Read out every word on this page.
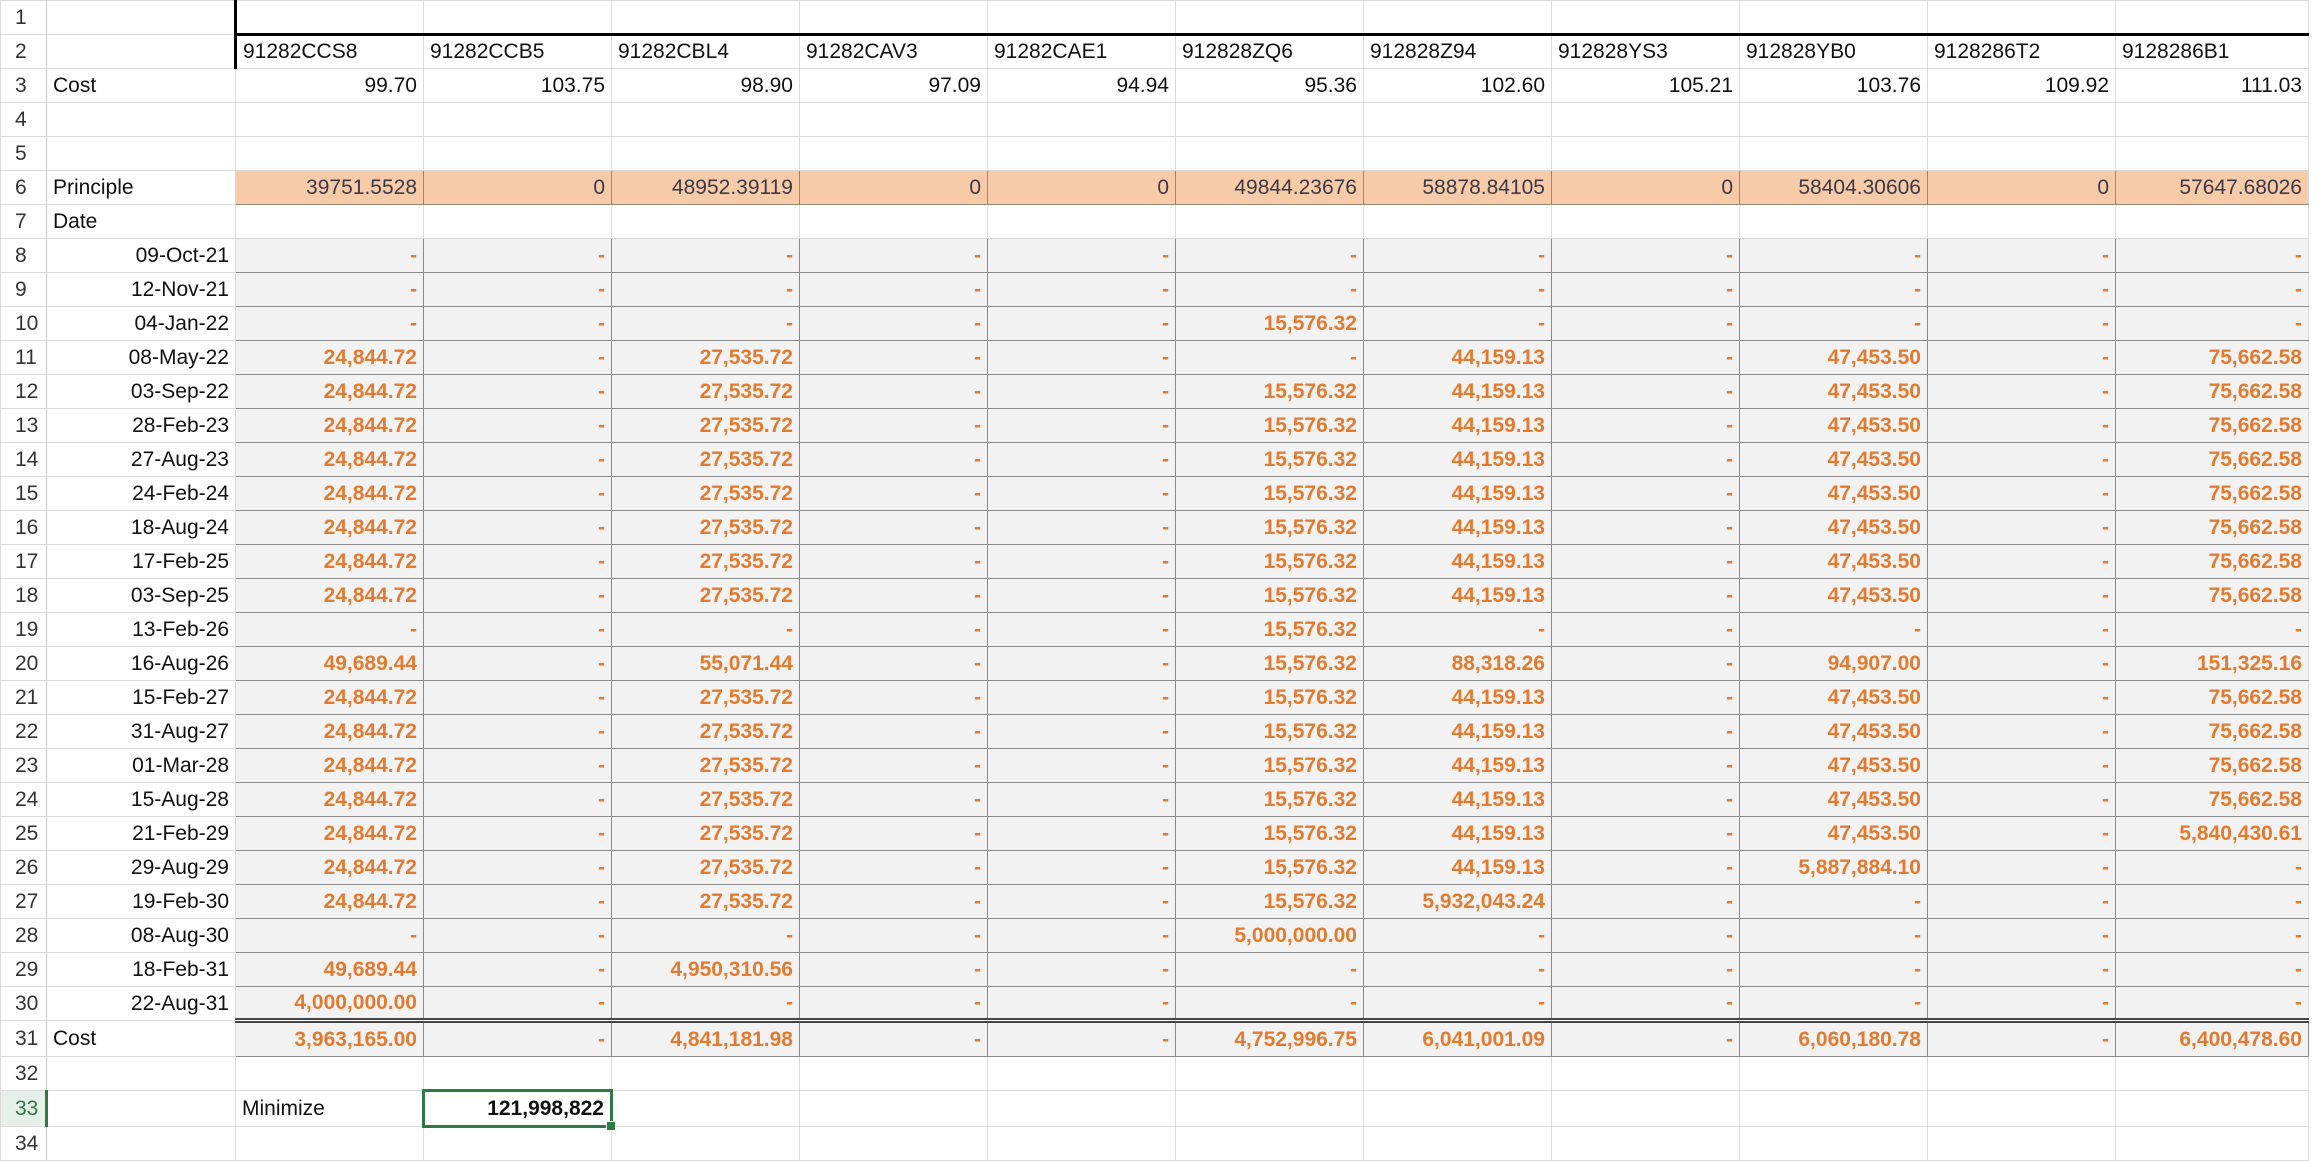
1													
2		91282CCS8	91282CCB5	91282CBL4	91282CAV3	91282CAE1	912828ZQ6	912828Z94	912828YS3	912828YB0	9128286T2	9128286B1	
3	Cost	99.70	103.75	98.90	97.09	94.94	95.36	102.60	105.21	103.76	109.92	111.03	
4													
5													
6	Principle	39751.5528	0	48952.39119	0	0	49844.23676	58878.84105	0	58404.30606	0	57647.68026	
7	Date												
8	09-Oct-21	-	-	-	-	-	-	-	-	-	-	-	
9	12-Nov-21	-	-	-	-	-	-	-	-	-	-	-	
10	04-Jan-22	-	-	-	-	-	15,576.32	-	-	-	-	-	
11	08-May-22	24,844.72	-	27,535.72	-	-	-	44,159.13	-	47,453.50	-	75,662.58	
12	03-Sep-22	24,844.72	-	27,535.72	-	-	15,576.32	44,159.13	-	47,453.50	-	75,662.58	
13	28-Feb-23	24,844.72	-	27,535.72	-	-	15,576.32	44,159.13	-	47,453.50	-	75,662.58	
14	27-Aug-23	24,844.72	-	27,535.72	-	-	15,576.32	44,159.13	-	47,453.50	-	75,662.58	
15	24-Feb-24	24,844.72	-	27,535.72	-	-	15,576.32	44,159.13	-	47,453.50	-	75,662.58	
16	18-Aug-24	24,844.72	-	27,535.72	-	-	15,576.32	44,159.13	-	47,453.50	-	75,662.58	
17	17-Feb-25	24,844.72	-	27,535.72	-	-	15,576.32	44,159.13	-	47,453.50	-	75,662.58	
18	03-Sep-25	24,844.72	-	27,535.72	-	-	15,576.32	44,159.13	-	47,453.50	-	75,662.58	
19	13-Feb-26	-	-	-	-	-	15,576.32	-	-	-	-	-	
20	16-Aug-26	49,689.44	-	55,071.44	-	-	15,576.32	88,318.26	-	94,907.00	-	151,325.16	
21	15-Feb-27	24,844.72	-	27,535.72	-	-	15,576.32	44,159.13	-	47,453.50	-	75,662.58	
22	31-Aug-27	24,844.72	-	27,535.72	-	-	15,576.32	44,159.13	-	47,453.50	-	75,662.58	
23	01-Mar-28	24,844.72	-	27,535.72	-	-	15,576.32	44,159.13	-	47,453.50	-	75,662.58	
24	15-Aug-28	24,844.72	-	27,535.72	-	-	15,576.32	44,159.13	-	47,453.50	-	75,662.58	
25	21-Feb-29	24,844.72	-	27,535.72	-	-	15,576.32	44,159.13	-	47,453.50	-	5,840,430.61	
26	29-Aug-29	24,844.72	-	27,535.72	-	-	15,576.32	44,159.13	-	5,887,884.10	-	-	
27	19-Feb-30	24,844.72	-	27,535.72	-	-	15,576.32	5,932,043.24	-	-	-	-	
28	08-Aug-30	-	-	-	-	-	5,000,000.00	-	-	-	-	-	
29	18-Feb-31	49,689.44	-	4,950,310.56	-	-	-	-	-	-	-	-	
30	22-Aug-31	4,000,000.00	-	-	-	-	-	-	-	-	-	-	
31	Cost	3,963,165.00	-	4,841,181.98	-	-	4,752,996.75	6,041,001.09	-	6,060,180.78	-	6,400,478.60	
32													
33		Minimize	121,998,822										
34													
